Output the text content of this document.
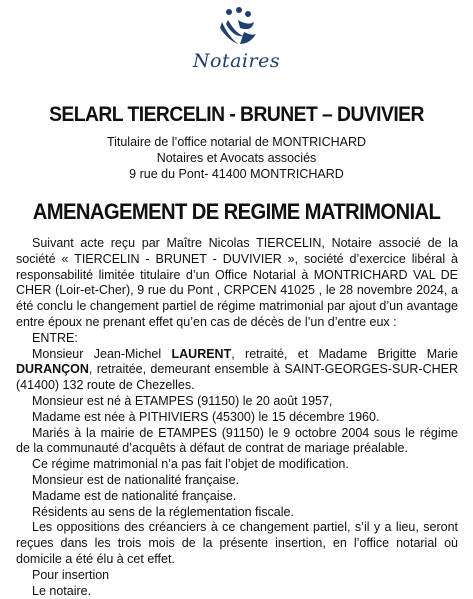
Notaires
SELARL TIERCELIN - BRUNET – DUVIVIER
Titulaire de l’office notarial de MONTRICHARD
Notaires et Avocats associés
9 rue du Pont- 41400 MONTRICHARD
AMENAGEMENT DE REGIME MATRIMONIAL

Suivant acte reçu par Maître Nicolas TIERCELIN, Notaire associé de la société « TIERCELIN - BRUNET - DUVIVIER », société d’exercice libéral à responsabilité limitée titulaire d’un Office Notarial à MONTRICHARD VAL DE CHER (Loir-et-Cher), 9 rue du Pont , CRPCEN 41025 , le 28 novembre 2024, a été conclu le changement partiel de régime matrimonial par ajout d’un avantage entre époux ne prenant effet qu’en cas de décès de l’un d’entre eux :

ENTRE:

Monsieur Jean-Michel LAURENT, retraité, et Madame Brigitte Marie DURANÇON, retraitée, demeurant ensemble à SAINT-GEORGES-SUR-CHER (41400) 132 route de Chezelles.

Monsieur est né à ETAMPES (91150) le 20 août 1957,

Madame est née à PITHIVIERS (45300) le 15 décembre 1960.

Mariés à la mairie de ETAMPES (91150) le 9 octobre 2004 sous le régime de la communauté d’acquêts à défaut de contrat de mariage préalable.

Ce régime matrimonial n’a pas fait l’objet de modification.

Monsieur est de nationalité française.

Madame est de nationalité française.

Résidents au sens de la réglementation fiscale.

Les oppositions des créanciers à ce changement partiel, s’il y a lieu, seront reçues dans les trois mois de la présente insertion, en l’office notarial où domicile a été élu à cet effet.

Pour insertion

Le notaire.
